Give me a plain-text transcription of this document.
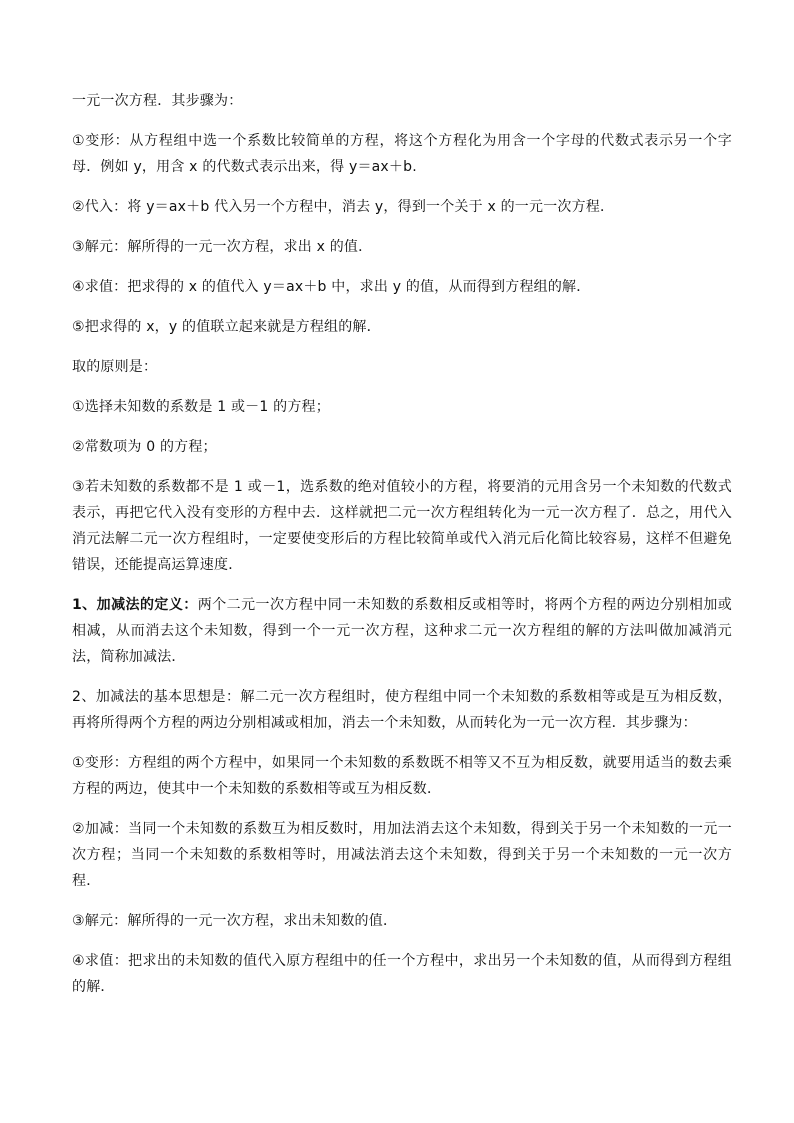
一元一次方程．其步骤为：

①变形：从方程组中选一个系数比较简单的方程，将这个方程化为用含一个字母的代数式表示另一个字母．例如 y，用含 x 的代数式表示出来，得 y＝ax＋b.

②代入：将 y＝ax＋b 代入另一个方程中，消去 y，得到一个关于 x 的一元一次方程．

③解元：解所得的一元一次方程，求出 x 的值．

④求值：把求得的 x 的值代入 y＝ax＋b 中，求出 y 的值，从而得到方程组的解．

⑤把求得的 x，y 的值联立起来就是方程组的解．

取的原则是：

①选择未知数的系数是 1 或－1 的方程；

②常数项为 0 的方程；

③若未知数的系数都不是 1 或－1，选系数的绝对值较小的方程，将要消的元用含另一个未知数的代数式表示，再把它代入没有变形的方程中去．这样就把二元一次方程组转化为一元一次方程了．总之，用代入消元法解二元一次方程组时，一定要使变形后的方程比较简单或代入消元后化简比较容易，这样不但避免错误，还能提高运算速度．

1、加减法的定义：两个二元一次方程中同一未知数的系数相反或相等时，将两个方程的两边分别相加或相减，从而消去这个未知数，得到一个一元一次方程，这种求二元一次方程组的解的方法叫做加减消元法，简称加减法．

2、加减法的基本思想是：解二元一次方程组时，使方程组中同一个未知数的系数相等或是互为相反数，再将所得两个方程的两边分别相减或相加，消去一个未知数，从而转化为一元一次方程．其步骤为：

①变形：方程组的两个方程中，如果同一个未知数的系数既不相等又不互为相反数，就要用适当的数去乘方程的两边，使其中一个未知数的系数相等或互为相反数．

②加减：当同一个未知数的系数互为相反数时，用加法消去这个未知数，得到关于另一个未知数的一元一次方程；当同一个未知数的系数相等时，用减法消去这个未知数，得到关于另一个未知数的一元一次方程．

③解元：解所得的一元一次方程，求出未知数的值．

④求值：把求出的未知数的值代入原方程组中的任一个方程中，求出另一个未知数的值，从而得到方程组的解．
